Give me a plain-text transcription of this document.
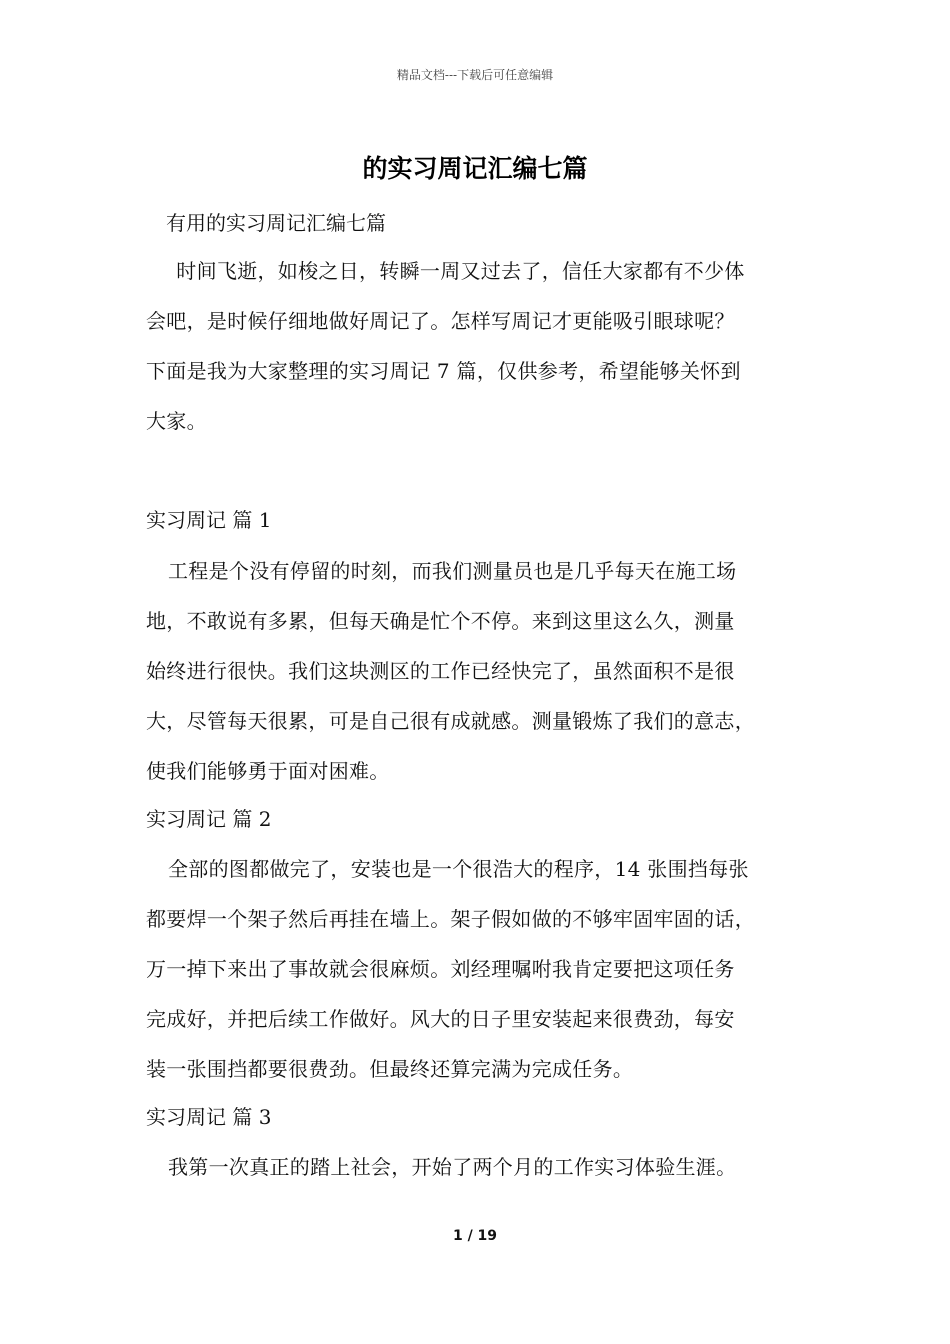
精品文档---下载后可任意编辑
的实习周记汇编七篇
有用的实习周记汇编七篇
　时间飞逝，如梭之日，转瞬一周又过去了，信任大家都有不少体
会吧，是时候仔细地做好周记了。怎样写周记才更能吸引眼球呢？
下面是我为大家整理的实习周记 7 篇，仅供参考，希望能够关怀到
大家。
实习周记 篇 1
工程是个没有停留的时刻，而我们测量员也是几乎每天在施工场
地，不敢说有多累，但每天确是忙个不停。来到这里这么久，测量
始终进行很快。我们这块测区的工作已经快完了，虽然面积不是很
大，尽管每天很累，可是自己很有成就感。测量锻炼了我们的意志，
使我们能够勇于面对困难。
实习周记 篇 2
全部的图都做完了，安装也是一个很浩大的程序，14 张围挡每张
都要焊一个架子然后再挂在墙上。架子假如做的不够牢固牢固的话，
万一掉下来出了事故就会很麻烦。刘经理嘱咐我肯定要把这项任务
完成好，并把后续工作做好。风大的日子里安装起来很费劲，每安
装一张围挡都要很费劲。但最终还算完满为完成任务。
实习周记 篇 3
我第一次真正的踏上社会，开始了两个月的工作实习体验生涯。
1 / 19
